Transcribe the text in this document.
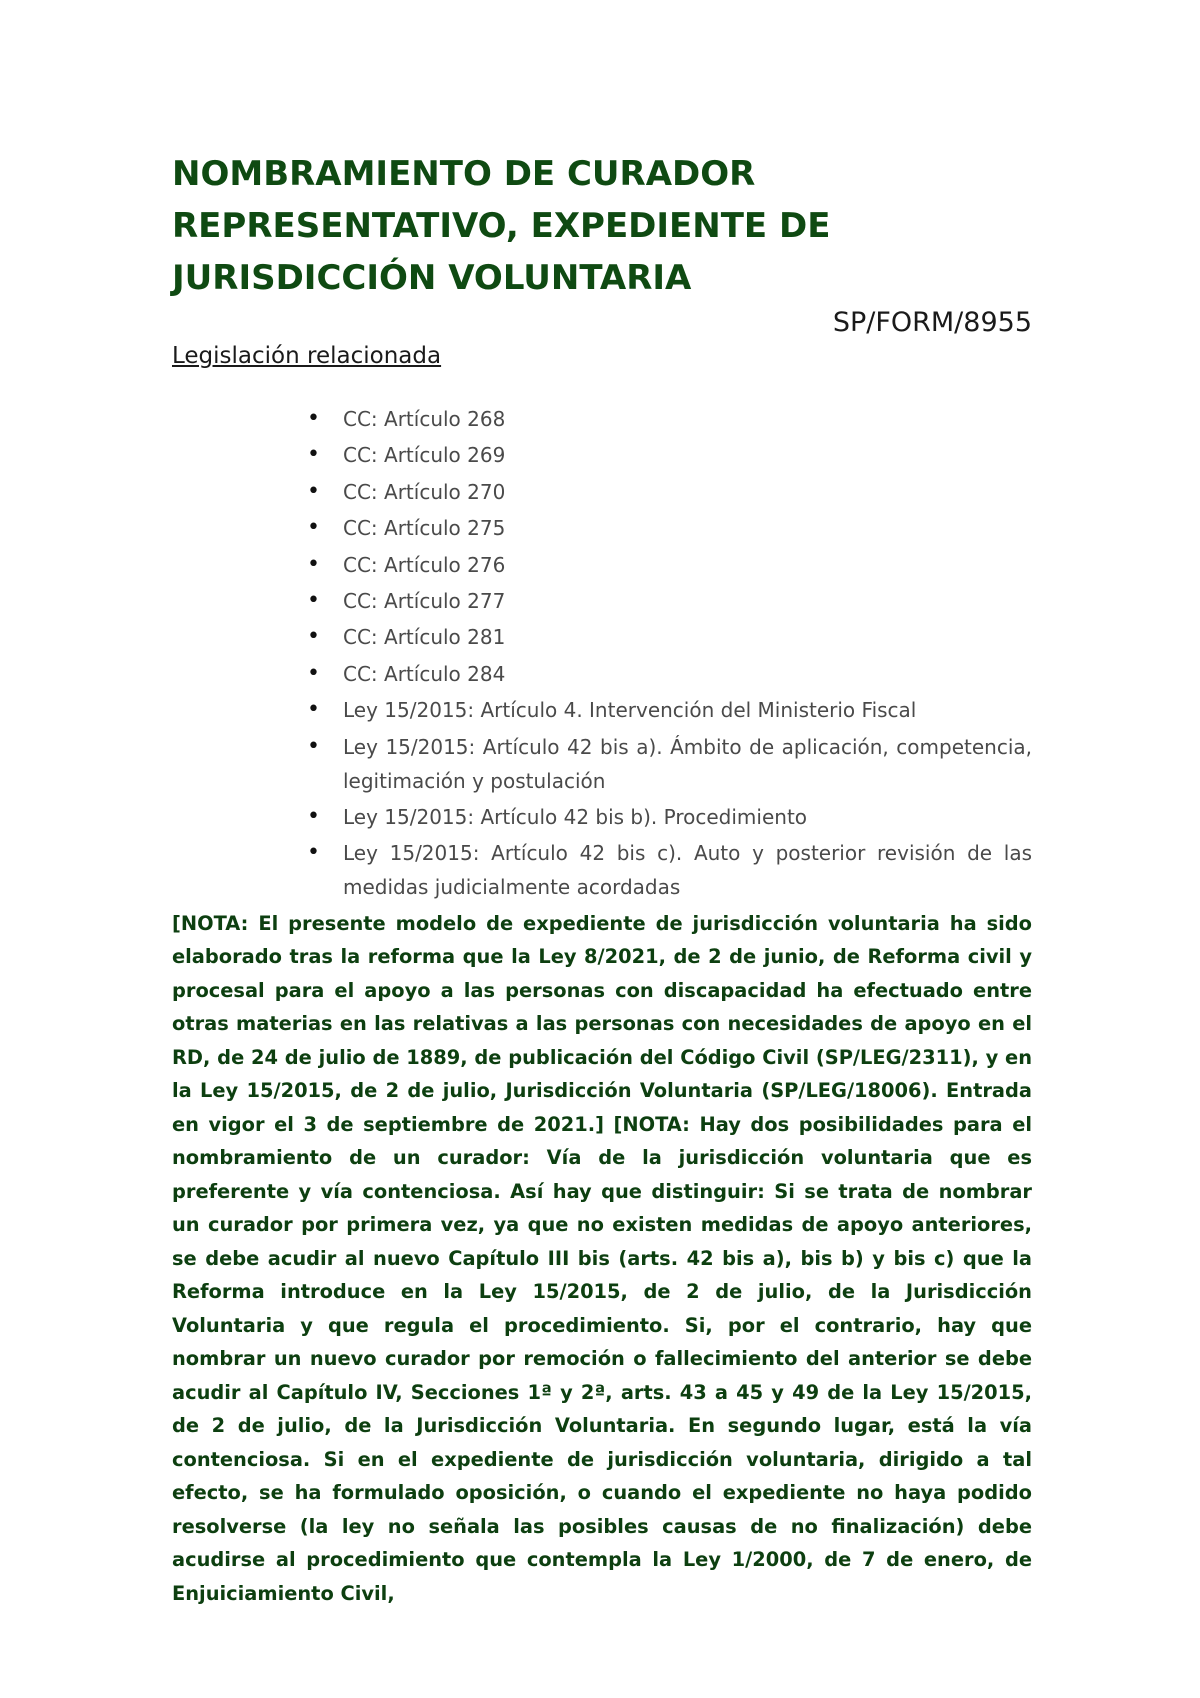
NOMBRAMIENTO DE CURADOR REPRESENTATIVO, EXPEDIENTE DE JURISDICCIÓN VOLUNTARIA
SP/FORM/8955
Legislación relacionada
• CC: Artículo 268
• CC: Artículo 269
• CC: Artículo 270
• CC: Artículo 275
• CC: Artículo 276
• CC: Artículo 277
• CC: Artículo 281
• CC: Artículo 284
• Ley 15/2015: Artículo 4. Intervención del Ministerio Fiscal
• Ley 15/2015: Artículo 42 bis a). Ámbito de aplicación, competencia, legitimación y postulación
• Ley 15/2015: Artículo 42 bis b). Procedimiento
• Ley 15/2015: Artículo 42 bis c). Auto y posterior revisión de las medidas judicialmente acordadas

[NOTA: El presente modelo de expediente de jurisdicción voluntaria ha sido elaborado tras la reforma que la Ley 8/2021, de 2 de junio, de Reforma civil y procesal para el apoyo a las personas con discapacidad ha efectuado entre otras materias en las relativas a las personas con necesidades de apoyo en el RD, de 24 de julio de 1889, de publicación del Código Civil (SP/LEG/2311), y en la Ley 15/2015, de 2 de julio, Jurisdicción Voluntaria (SP/LEG/18006). Entrada en vigor el 3 de septiembre de 2021.] [NOTA: Hay dos posibilidades para el nombramiento de un curador: Vía de la jurisdicción voluntaria que es preferente y vía contenciosa. Así hay que distinguir: Si se trata de nombrar un curador por primera vez, ya que no existen medidas de apoyo anteriores, se debe acudir al nuevo Capítulo III bis (arts. 42 bis a), bis b) y bis c) que la Reforma introduce en la Ley 15/2015, de 2 de julio, de la Jurisdicción Voluntaria y que regula el procedimiento. Si, por el contrario, hay que nombrar un nuevo curador por remoción o fallecimiento del anterior se debe acudir al Capítulo IV, Secciones 1ª y 2ª, arts. 43 a 45 y 49 de la Ley 15/2015, de 2 de julio, de la Jurisdicción Voluntaria. En segundo lugar, está la vía contenciosa. Si en el expediente de jurisdicción voluntaria, dirigido a tal efecto, se ha formulado oposición, o cuando el expediente no haya podido resolverse (la ley no señala las posibles causas de no finalización) debe acudirse al procedimiento que contempla la Ley 1/2000, de 7 de enero, de Enjuiciamiento Civil,
